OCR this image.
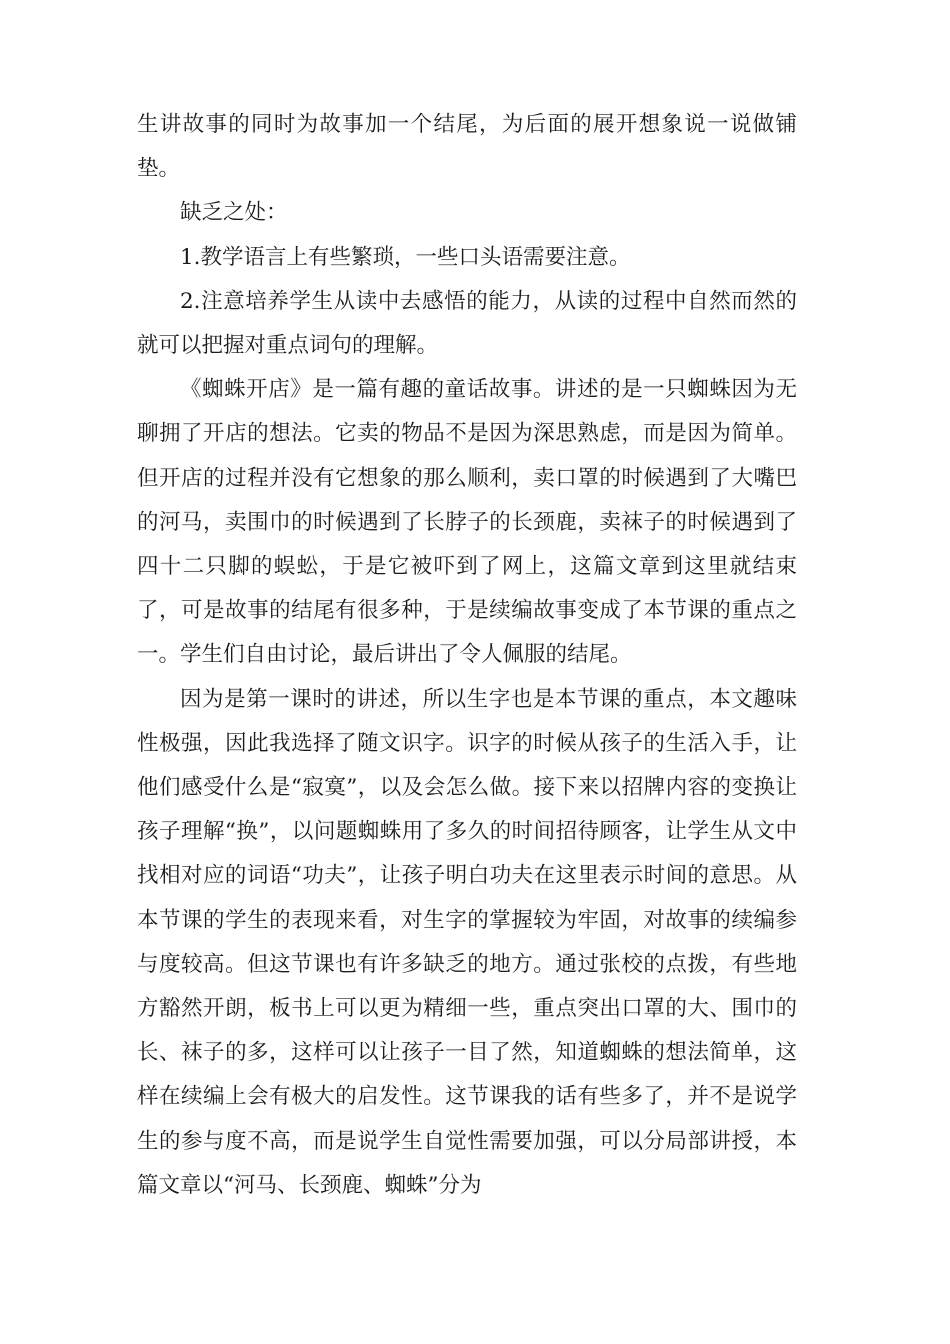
生讲故事的同时为故事加一个结尾，为后面的展开想象说一说做铺垫。

缺乏之处：

1.教学语言上有些繁琐，一些口头语需要注意。

2.注意培养学生从读中去感悟的能力，从读的过程中自然而然的就可以把握对重点词句的理解。

《蜘蛛开店》是一篇有趣的童话故事。讲述的是一只蜘蛛因为无聊拥了开店的想法。它卖的物品不是因为深思熟虑，而是因为简单。但开店的过程并没有它想象的那么顺利，卖口罩的时候遇到了大嘴巴的河马，卖围巾的时候遇到了长脖子的长颈鹿，卖袜子的时候遇到了四十二只脚的蜈蚣，于是它被吓到了网上，这篇文章到这里就结束了，可是故事的结尾有很多种，于是续编故事变成了本节课的重点之一。学生们自由讨论，最后讲出了令人佩服的结尾。

因为是第一课时的讲述，所以生字也是本节课的重点，本文趣味性极强，因此我选择了随文识字。识字的时候从孩子的生活入手，让他们感受什么是“寂寞”，以及会怎么做。接下来以招牌内容的变换让孩子理解“换”，以问题蜘蛛用了多久的时间招待顾客，让学生从文中找相对应的词语“功夫”，让孩子明白功夫在这里表示时间的意思。从本节课的学生的表现来看，对生字的掌握较为牢固，对故事的续编参与度较高。但这节课也有许多缺乏的地方。通过张校的点拨，有些地方豁然开朗，板书上可以更为精细一些，重点突出口罩的大、围巾的长、袜子的多，这样可以让孩子一目了然，知道蜘蛛的想法简单，这样在续编上会有极大的启发性。这节课我的话有些多了，并不是说学生的参与度不高，而是说学生自觉性需要加强，可以分局部讲授，本篇文章以“河马、长颈鹿、蜘蛛”分为
